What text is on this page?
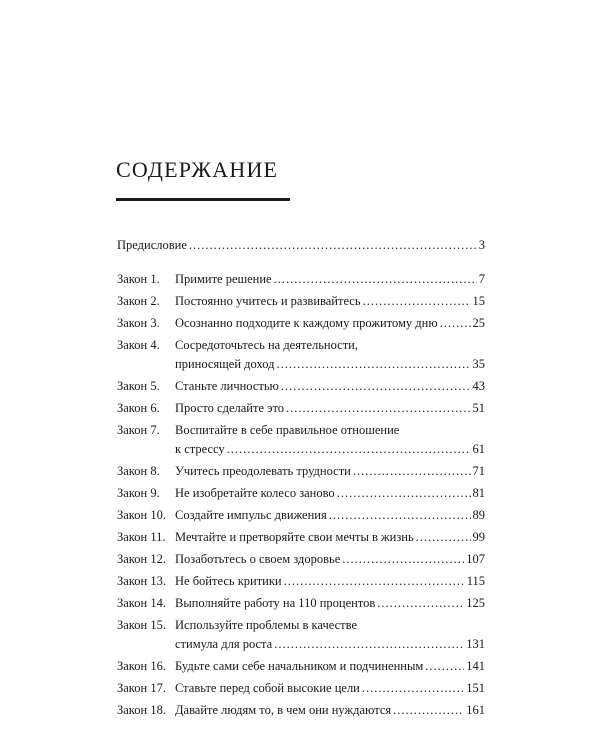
СОДЕРЖАНИЕ
Предисловие .....	3
Закон 1.	Примите решение .....	7
Закон 2.	Постоянно учитесь и развивайтесь .....	15
Закон 3.	Осознанно подходите к каждому прожитому дню .....	25
Закон 4.	Сосредоточьтесь на деятельности,
приносящей доход .....	35
Закон 5.	Станьте личностью .....	43
Закон 6.	Просто сделайте это .....	51
Закон 7.	Воспитайте в себе правильное отношение
к стрессу .....	61
Закон 8.	Учитесь преодолевать трудности .....	71
Закон 9.	Не изобретайте колесо заново .....	81
Закон 10. Создайте импульс движения .....	89
Закон 11. Мечтайте и претворяйте свои мечты в жизнь .....	99
Закон 12. Позаботьтесь о своем здоровье .....	107
Закон 13. Не бойтесь критики .....	115
Закон 14. Выполняйте работу на 110 процентов .....	125
Закон 15. Используйте проблемы в качестве
стимула для роста .....	131
Закон 16. Будьте сами себе начальником и подчиненным .....	141
Закон 17. Ставьте перед собой высокие цели .....	151
Закон 18. Давайте людям то, в чем они нуждаются .....	161
